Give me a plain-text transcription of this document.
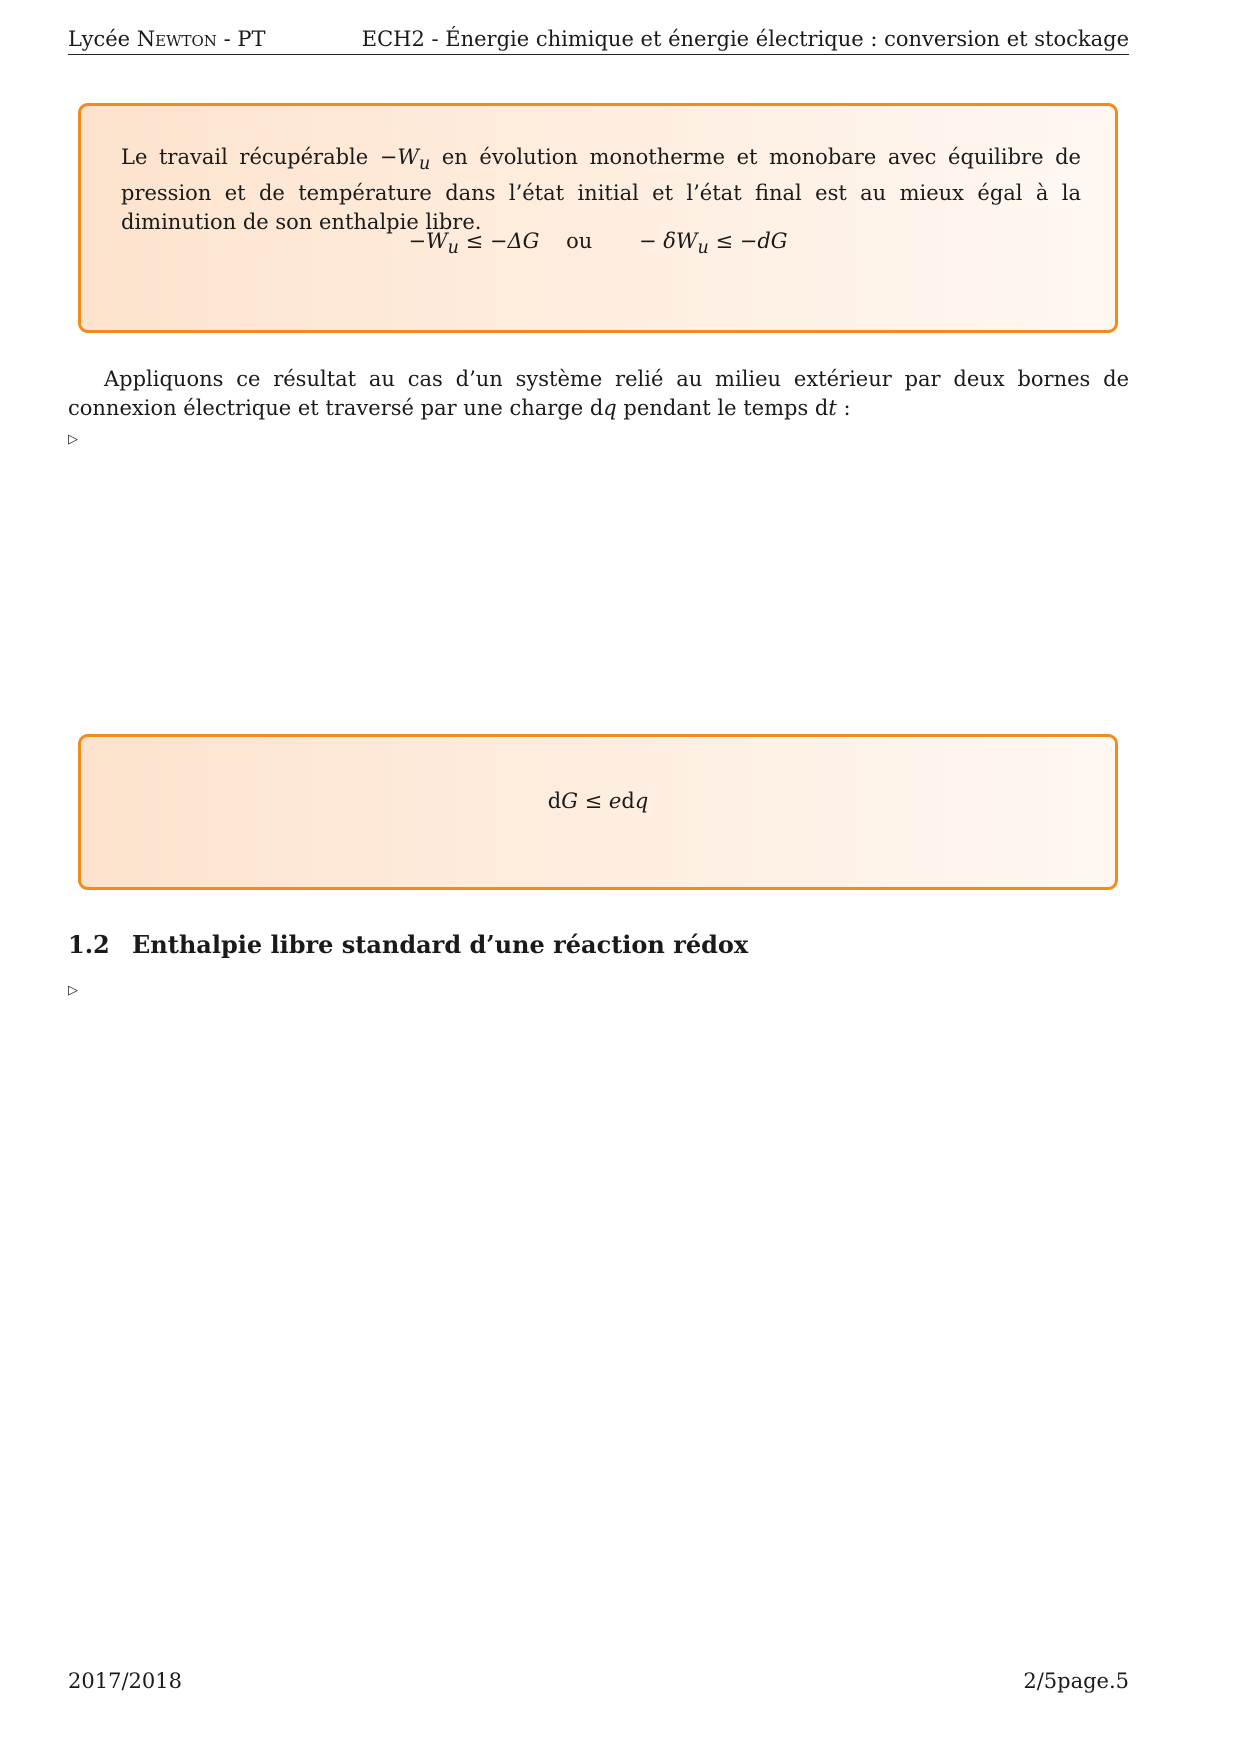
Lycée Newton - PT	ECH2 - Énergie chimique et énergie électrique : conversion et stockage
Le travail récupérable $-W_u$ en évolution monotherme et monobare avec équilibre de pression et de température dans l’état initial et l’état final est au mieux égal à la diminution de son enthalpie libre.
$-W_u \le -\Delta G$ ou − $\delta W_u \le -dG$
Appliquons ce résultat au cas d’un système relié au milieu extérieur par deux bornes de connexion électrique et traversé par une charge dq pendant le temps dt :
▷
dG ≤ edq
1.2 Enthalpie libre standard d’une réaction rédox
▷
2017/2018	2/5page.5
